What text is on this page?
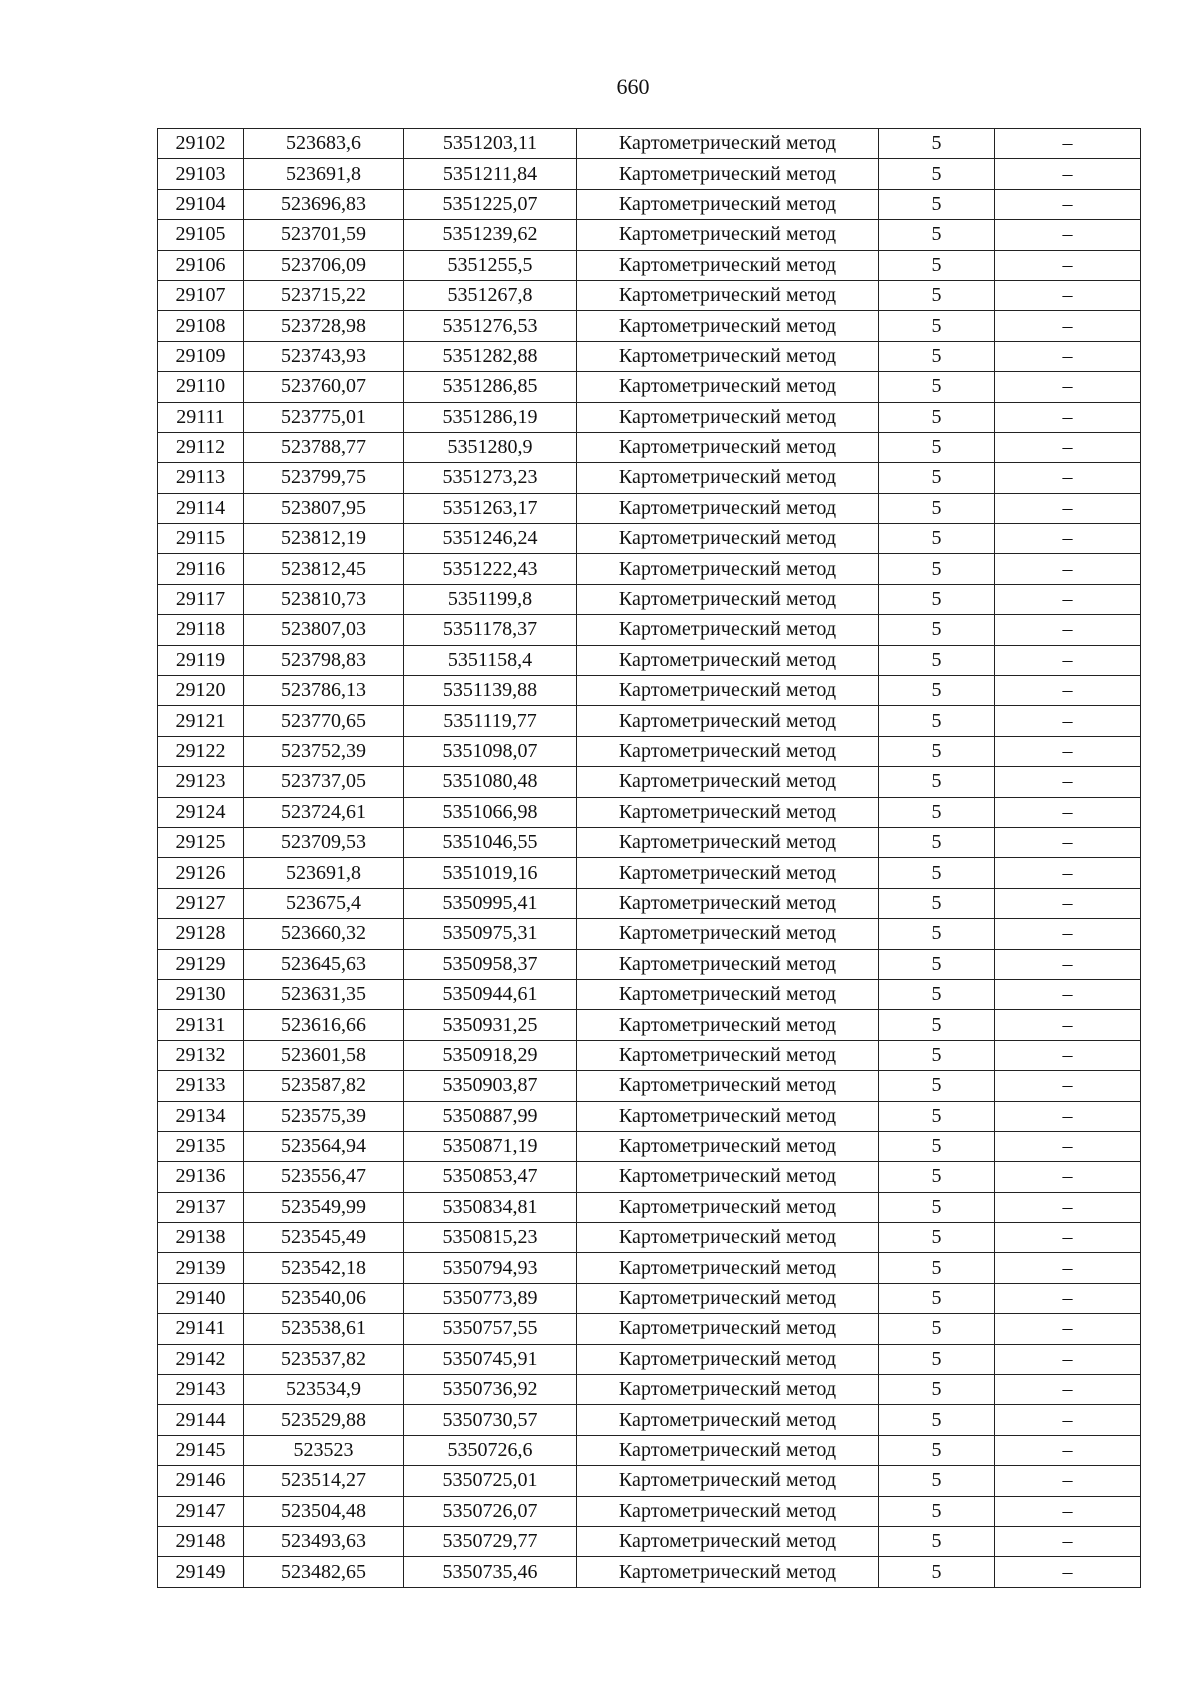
660
29102	523683,6	5351203,11	Картометрический метод	5	–
29103	523691,8	5351211,84	Картометрический метод	5	–
29104	523696,83	5351225,07	Картометрический метод	5	–
29105	523701,59	5351239,62	Картометрический метод	5	–
29106	523706,09	5351255,5	Картометрический метод	5	–
29107	523715,22	5351267,8	Картометрический метод	5	–
29108	523728,98	5351276,53	Картометрический метод	5	–
29109	523743,93	5351282,88	Картометрический метод	5	–
29110	523760,07	5351286,85	Картометрический метод	5	–
29111	523775,01	5351286,19	Картометрический метод	5	–
29112	523788,77	5351280,9	Картометрический метод	5	–
29113	523799,75	5351273,23	Картометрический метод	5	–
29114	523807,95	5351263,17	Картометрический метод	5	–
29115	523812,19	5351246,24	Картометрический метод	5	–
29116	523812,45	5351222,43	Картометрический метод	5	–
29117	523810,73	5351199,8	Картометрический метод	5	–
29118	523807,03	5351178,37	Картометрический метод	5	–
29119	523798,83	5351158,4	Картометрический метод	5	–
29120	523786,13	5351139,88	Картометрический метод	5	–
29121	523770,65	5351119,77	Картометрический метод	5	–
29122	523752,39	5351098,07	Картометрический метод	5	–
29123	523737,05	5351080,48	Картометрический метод	5	–
29124	523724,61	5351066,98	Картометрический метод	5	–
29125	523709,53	5351046,55	Картометрический метод	5	–
29126	523691,8	5351019,16	Картометрический метод	5	–
29127	523675,4	5350995,41	Картометрический метод	5	–
29128	523660,32	5350975,31	Картометрический метод	5	–
29129	523645,63	5350958,37	Картометрический метод	5	–
29130	523631,35	5350944,61	Картометрический метод	5	–
29131	523616,66	5350931,25	Картометрический метод	5	–
29132	523601,58	5350918,29	Картометрический метод	5	–
29133	523587,82	5350903,87	Картометрический метод	5	–
29134	523575,39	5350887,99	Картометрический метод	5	–
29135	523564,94	5350871,19	Картометрический метод	5	–
29136	523556,47	5350853,47	Картометрический метод	5	–
29137	523549,99	5350834,81	Картометрический метод	5	–
29138	523545,49	5350815,23	Картометрический метод	5	–
29139	523542,18	5350794,93	Картометрический метод	5	–
29140	523540,06	5350773,89	Картометрический метод	5	–
29141	523538,61	5350757,55	Картометрический метод	5	–
29142	523537,82	5350745,91	Картометрический метод	5	–
29143	523534,9	5350736,92	Картометрический метод	5	–
29144	523529,88	5350730,57	Картометрический метод	5	–
29145	523523	5350726,6	Картометрический метод	5	–
29146	523514,27	5350725,01	Картометрический метод	5	–
29147	523504,48	5350726,07	Картометрический метод	5	–
29148	523493,63	5350729,77	Картометрический метод	5	–
29149	523482,65	5350735,46	Картометрический метод	5	–
